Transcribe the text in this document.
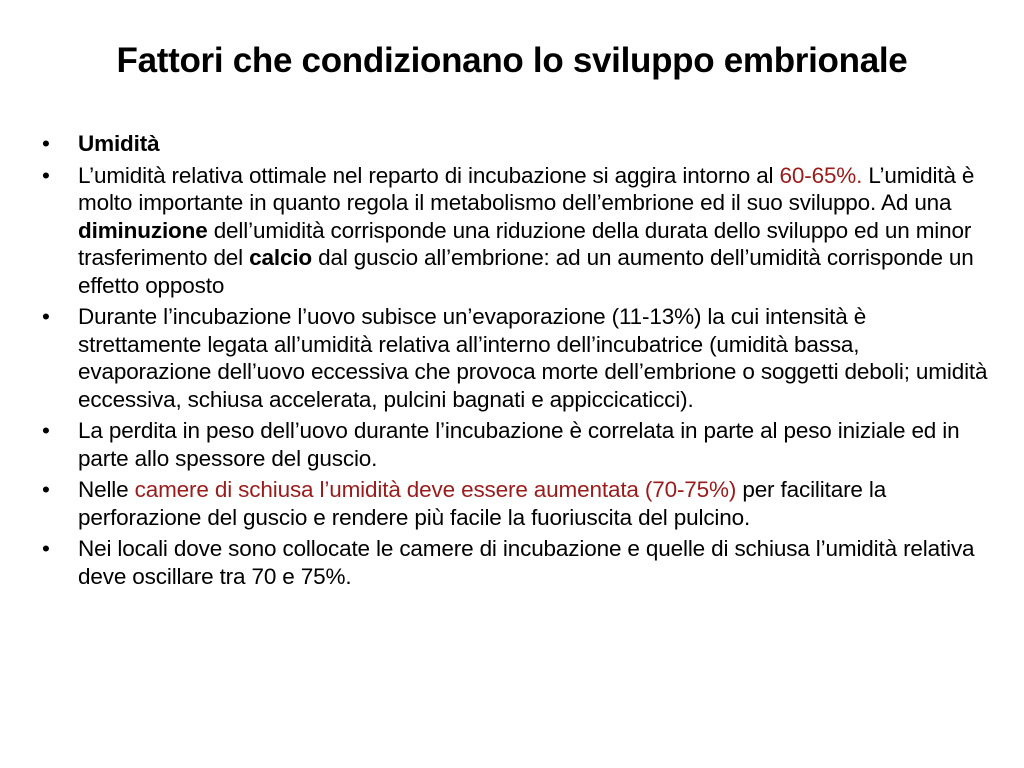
Fattori che condizionano lo sviluppo embrionale
•	Umidità
•	L’umidità relativa ottimale nel reparto di incubazione si aggira intorno al 60-65%. L’umidità è molto importante in quanto regola il metabolismo dell’embrione ed il suo sviluppo. Ad una diminuzione dell’umidità corrisponde una riduzione della durata dello sviluppo ed un minor trasferimento del calcio dal guscio all’embrione: ad un aumento dell’umidità corrisponde un effetto opposto
•	Durante l’incubazione l’uovo subisce un’evaporazione (11-13%) la cui intensità è strettamente legata all’umidità relativa all’interno dell’incubatrice (umidità bassa, evaporazione dell’uovo eccessiva che provoca morte dell’embrione o soggetti deboli; umidità eccessiva, schiusa accelerata, pulcini bagnati e appiccicaticci).
•	La perdita in peso dell’uovo durante l’incubazione è correlata in parte al peso iniziale ed in parte allo spessore del guscio.
•	Nelle camere di schiusa l’umidità deve essere aumentata (70-75%) per facilitare la perforazione del guscio e rendere più facile la fuoriuscita del pulcino.
•	Nei locali dove sono collocate le camere di incubazione e quelle di schiusa l’umidità relativa deve oscillare tra 70 e 75%.
